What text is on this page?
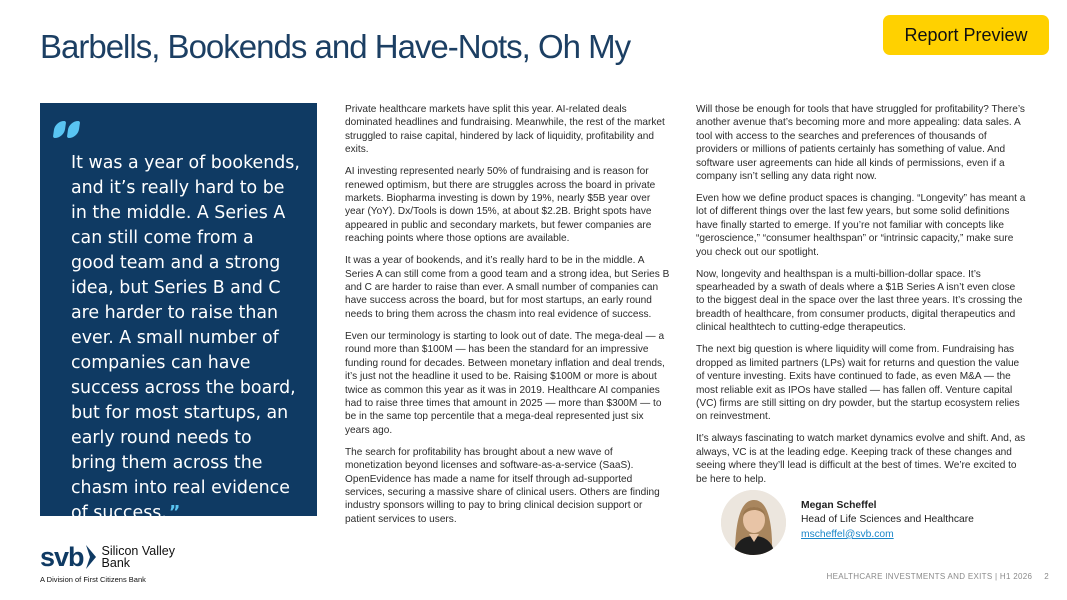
Barbells, Bookends and Have-Nots, Oh My	Report Preview

It was a year of bookends, and it’s really hard to be in the middle. A Series A can still come from a good team and a strong idea, but Series B and C are harder to raise than ever. A small number of companies can have success across the board, but for most startups, an early round needs to bring them across the chasm into real evidence of success. ”

Private healthcare markets have split this year. AI-related deals dominated headlines and fundraising. Meanwhile, the rest of the market struggled to raise capital, hindered by lack of liquidity, profitability and exits.

AI investing represented nearly 50% of fundraising and is reason for renewed optimism, but there are struggles across the board in private markets. Biopharma investing is down by 19%, nearly $5B year over year (YoY). Dx/Tools is down 15%, at about $2.2B. Bright spots have appeared in public and secondary markets, but fewer companies are reaching points where those options are available.

It was a year of bookends, and it’s really hard to be in the middle. A Series A can still come from a good team and a strong idea, but Series B and C are harder to raise than ever. A small number of companies can have success across the board, but for most startups, an early round needs to bring them across the chasm into real evidence of success.

Even our terminology is starting to look out of date. The mega-deal — a round more than $100M — has been the standard for an impressive funding round for decades. Between monetary inflation and deal trends, it’s just not the headline it used to be. Raising $100M or more is about twice as common this year as it was in 2019. Healthcare AI companies had to raise three times that amount in 2025 — more than $300M — to be in the same top percentile that a mega-deal represented just six years ago.

The search for profitability has brought about a new wave of monetization beyond licenses and software-as-a-service (SaaS). OpenEvidence has made a name for itself through ad-supported services, securing a massive share of clinical users. Others are finding industry sponsors willing to pay to bring clinical decision support or patient services to users.

Will those be enough for tools that have struggled for profitability? There’s another avenue that’s becoming more and more appealing: data sales. A tool with access to the searches and preferences of thousands of providers or millions of patients certainly has something of value. And software user agreements can hide all kinds of permissions, even if a company isn’t selling any data right now.

Even how we define product spaces is changing. “Longevity” has meant a lot of different things over the last few years, but some solid definitions have finally started to emerge. If you’re not familiar with concepts like “geroscience,” “consumer healthspan” or “intrinsic capacity,” make sure you check out our spotlight.

Now, longevity and healthspan is a multi-billion-dollar space. It’s spearheaded by a swath of deals where a $1B Series A isn’t even close to the biggest deal in the space over the last three years. It’s crossing the breadth of healthcare, from consumer products, digital therapeutics and clinical healthtech to cutting-edge therapeutics.

The next big question is where liquidity will come from. Fundraising has dropped as limited partners (LPs) wait for returns and question the value of venture investing. Exits have continued to fade, as even M&A — the most reliable exit as IPOs have stalled — has fallen off. Venture capital (VC) firms are still sitting on dry powder, but the startup ecosystem relies on reinvestment.

It’s always fascinating to watch market dynamics evolve and shift. And, as always, VC is at the leading edge. Keeping track of these changes and seeing where they’ll lead is difficult at the best of times. We’re excited to be here to help.

Megan Scheffel
Head of Life Sciences and Healthcare
mscheffel@svb.com
svb Silicon Valley
Bank
A Division of First Citizens Bank	HEALTHCARE INVESTMENTS AND EXITS | H1 2026 2
